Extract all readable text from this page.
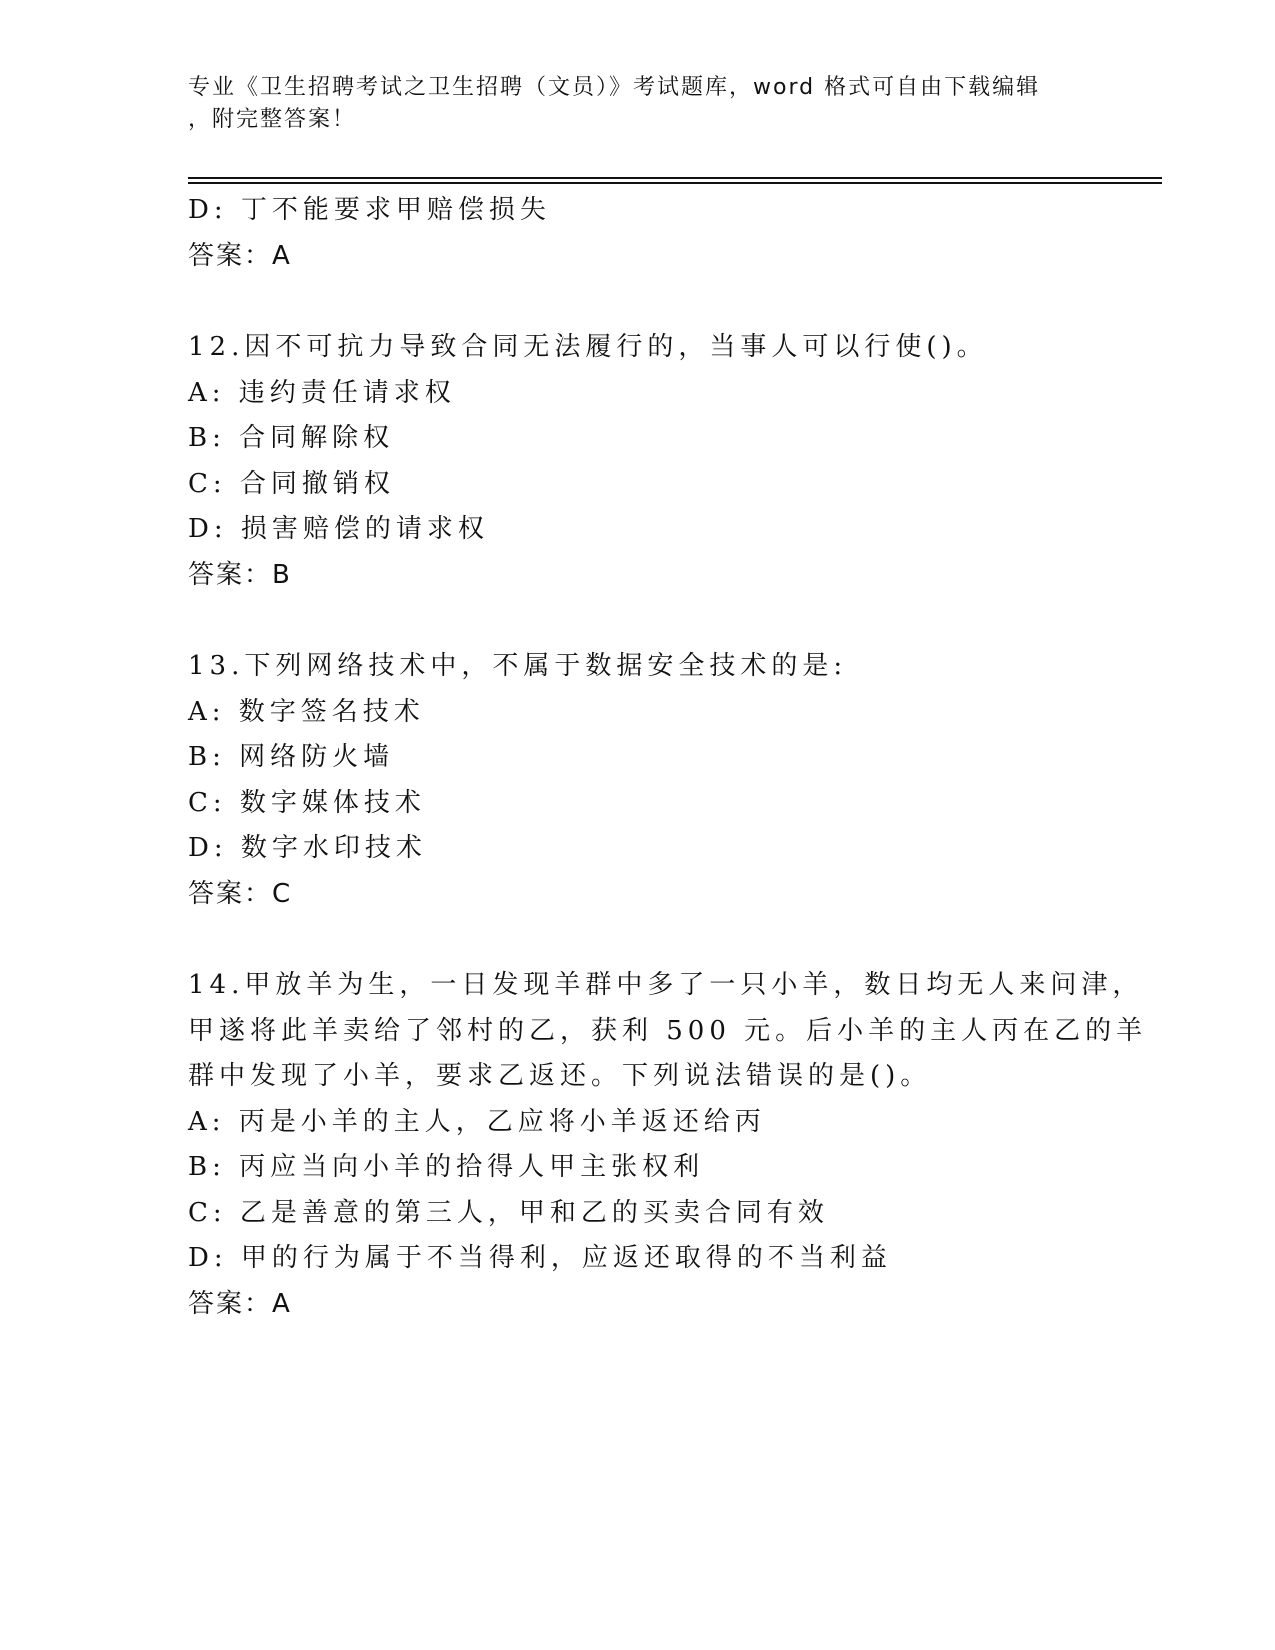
专业《卫生招聘考试之卫生招聘（文员）》考试题库，word 格式可自由下载编辑
，附完整答案！
D: 丁不能要求甲赔偿损失
答案：A
12.因不可抗力导致合同无法履行的，当事人可以行使()。
A: 违约责任请求权
B: 合同解除权
C: 合同撤销权
D: 损害赔偿的请求权
答案：B
13.下列网络技术中，不属于数据安全技术的是:
A: 数字签名技术
B: 网络防火墙
C: 数字媒体技术
D: 数字水印技术
答案：C
14.甲放羊为生，一日发现羊群中多了一只小羊，数日均无人来问津，
甲遂将此羊卖给了邻村的乙，获利 500 元。后小羊的主人丙在乙的羊
群中发现了小羊，要求乙返还。下列说法错误的是()。
A: 丙是小羊的主人，乙应将小羊返还给丙
B: 丙应当向小羊的拾得人甲主张权利
C: 乙是善意的第三人，甲和乙的买卖合同有效
D: 甲的行为属于不当得利，应返还取得的不当利益
答案：A
